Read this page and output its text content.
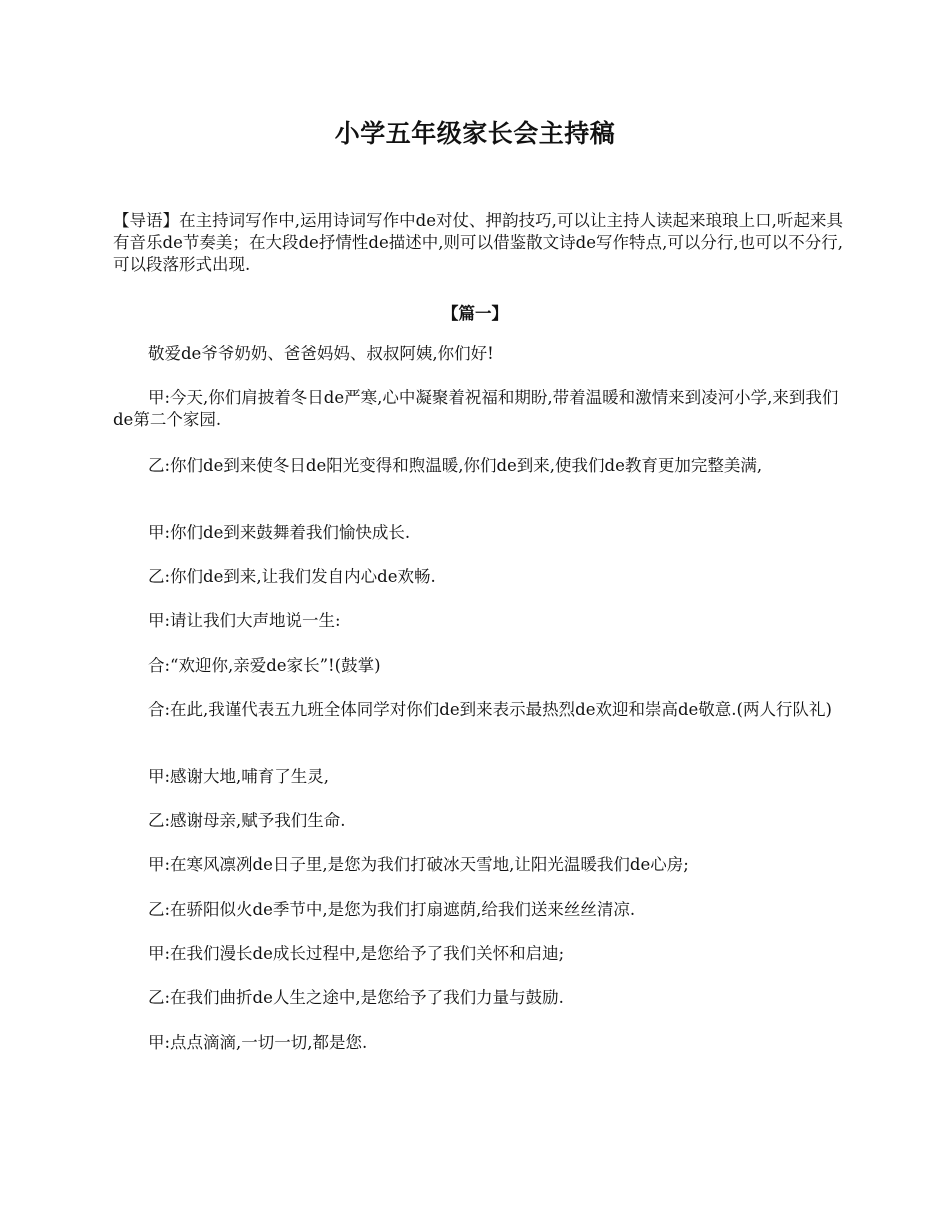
小学五年级家长会主持稿

【导语】在主持词写作中,运用诗词写作中de对仗、押韵技巧,可以让主持人读起来琅琅上口,听起来具有音乐de节奏美；在大段de抒情性de描述中,则可以借鉴散文诗de写作特点,可以分行,也可以不分行,可以段落形式出现.

【篇一】

敬爱de爷爷奶奶、爸爸妈妈、叔叔阿姨,你们好!

甲:今天,你们肩披着冬日de严寒,心中凝聚着祝福和期盼,带着温暖和激情来到凌河小学,来到我们de第二个家园.

乙:你们de到来使冬日de阳光变得和煦温暖,你们de到来,使我们de教育更加完整美满,

甲:你们de到来鼓舞着我们愉快成长.

乙:你们de到来,让我们发自内心de欢畅.

甲:请让我们大声地说一生:

合:“欢迎你,亲爱de家长”!(鼓掌)

合:在此,我谨代表五九班全体同学对你们de到来表示最热烈de欢迎和崇高de敬意.(两人行队礼)

甲:感谢大地,哺育了生灵,

乙:感谢母亲,赋予我们生命.

甲:在寒风凛冽de日子里,是您为我们打破冰天雪地,让阳光温暖我们de心房;

乙:在骄阳似火de季节中,是您为我们打扇遮荫,给我们送来丝丝清凉.

甲:在我们漫长de成长过程中,是您给予了我们关怀和启迪;

乙:在我们曲折de人生之途中,是您给予了我们力量与鼓励.

甲:点点滴滴,一切一切,都是您.
